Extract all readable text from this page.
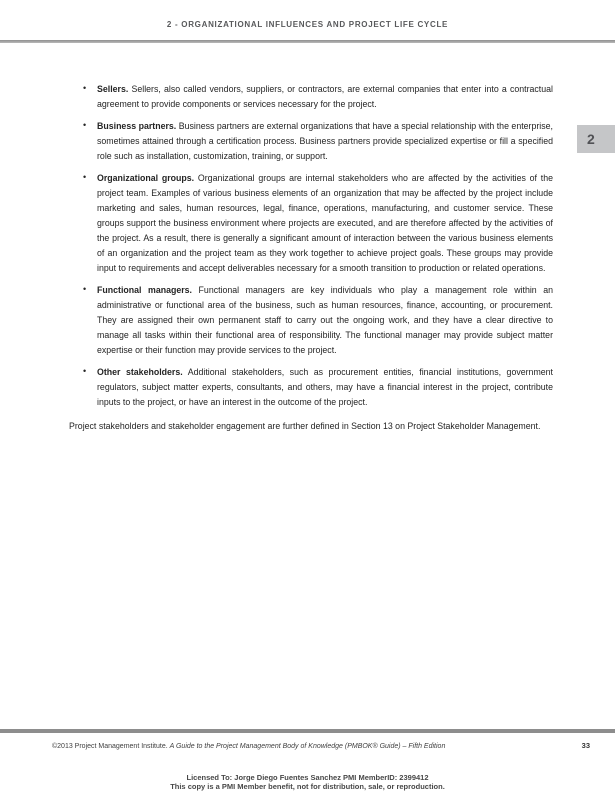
2 - ORGANIZATIONAL INFLUENCES AND PROJECT LIFE CYCLE
2
• Sellers. Sellers, also called vendors, suppliers, or contractors, are external companies that enter into a contractual agreement to provide components or services necessary for the project.
• Business partners. Business partners are external organizations that have a special relationship with the enterprise, sometimes attained through a certification process. Business partners provide specialized expertise or fill a specified role such as installation, customization, training, or support.
• Organizational groups. Organizational groups are internal stakeholders who are affected by the activities of the project team. Examples of various business elements of an organization that may be affected by the project include marketing and sales, human resources, legal, finance, operations, manufacturing, and customer service. These groups support the business environment where projects are executed, and are therefore affected by the activities of the project. As a result, there is generally a significant amount of interaction between the various business elements of an organization and the project team as they work together to achieve project goals. These groups may provide input to requirements and accept deliverables necessary for a smooth transition to production or related operations.
• Functional managers. Functional managers are key individuals who play a management role within an administrative or functional area of the business, such as human resources, finance, accounting, or procurement. They are assigned their own permanent staff to carry out the ongoing work, and they have a clear directive to manage all tasks within their functional area of responsibility. The functional manager may provide subject matter expertise or their function may provide services to the project.
• Other stakeholders. Additional stakeholders, such as procurement entities, financial institutions, government regulators, subject matter experts, consultants, and others, may have a financial interest in the project, contribute inputs to the project, or have an interest in the outcome of the project.

Project stakeholders and stakeholder engagement are further defined in Section 13 on Project Stakeholder Management.

©2013 Project Management Institute. A Guide to the Project Management Body of Knowledge (PMBOK® Guide) – Fifth Edition	33
Licensed To: Jorge Diego Fuentes Sanchez PMI MemberID: 2399412
This copy is a PMI Member benefit, not for distribution, sale, or reproduction.
